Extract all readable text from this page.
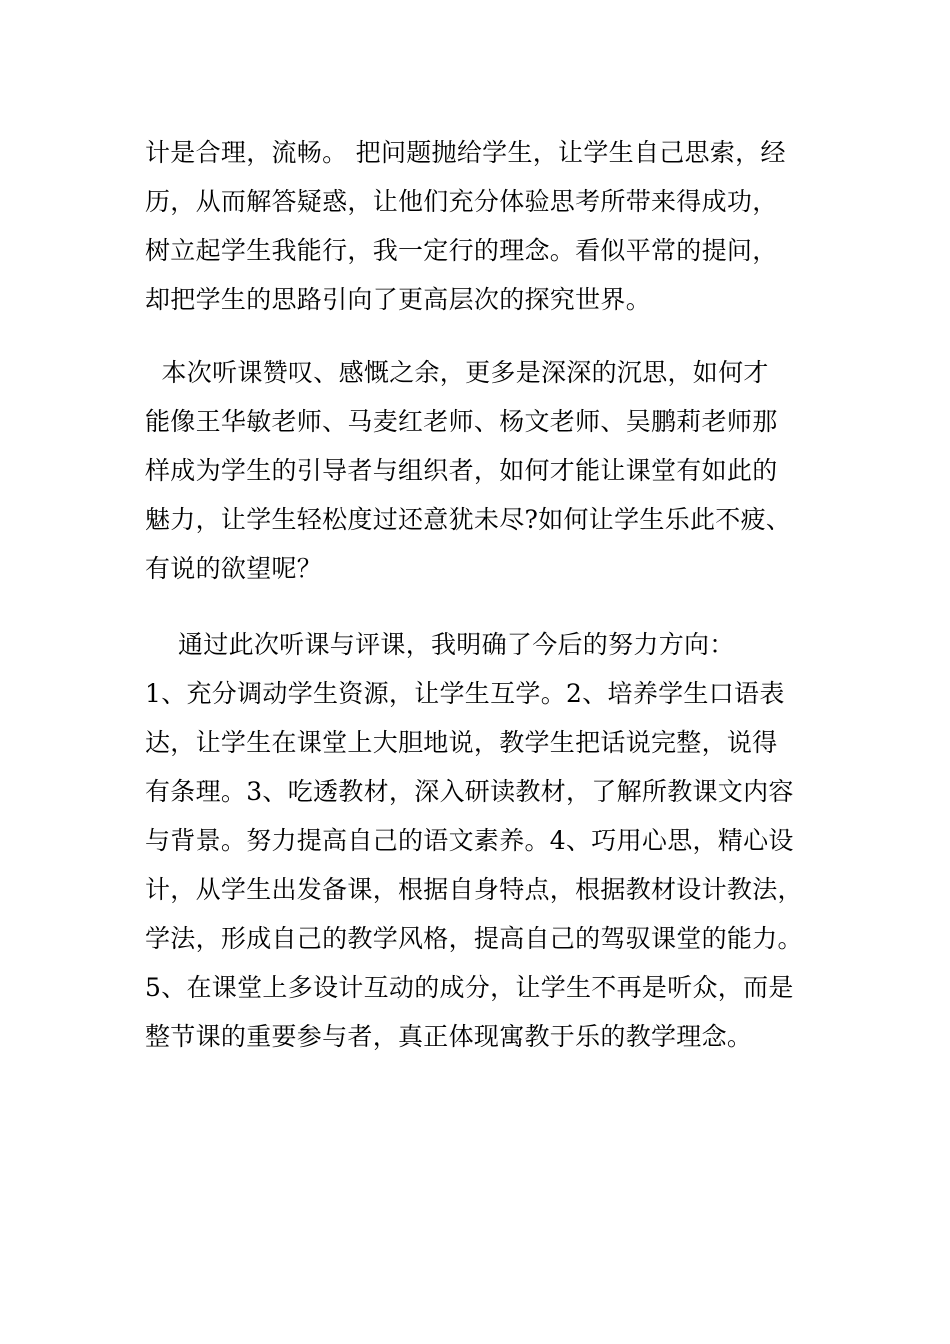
计是合理，流畅。 把问题抛给学生，让学生自己思索，经
历，从而解答疑惑，让他们充分体验思考所带来得成功，
树立起学生我能行，我一定行的理念。看似平常的提问，
却把学生的思路引向了更高层次的探究世界。

本次听课赞叹、感慨之余，更多是深深的沉思，如何才
能像王华敏老师、马麦红老师、杨文老师、吴鹏莉老师那
样成为学生的引导者与组织者，如何才能让课堂有如此的
魅力，让学生轻松度过还意犹未尽?如何让学生乐此不疲、
有说的欲望呢？

通过此次听课与评课，我明确了今后的努力方向：
1、充分调动学生资源，让学生互学。2、培养学生口语表
达，让学生在课堂上大胆地说，教学生把话说完整，说得
有条理。3、吃透教材，深入研读教材，了解所教课文内容
与背景。努力提高自己的语文素养。4、巧用心思，精心设
计，从学生出发备课，根据自身特点，根据教材设计教法，
学法，形成自己的教学风格，提高自己的驾驭课堂的能力。
5、在课堂上多设计互动的成分，让学生不再是听众，而是
整节课的重要参与者，真正体现寓教于乐的教学理念。
